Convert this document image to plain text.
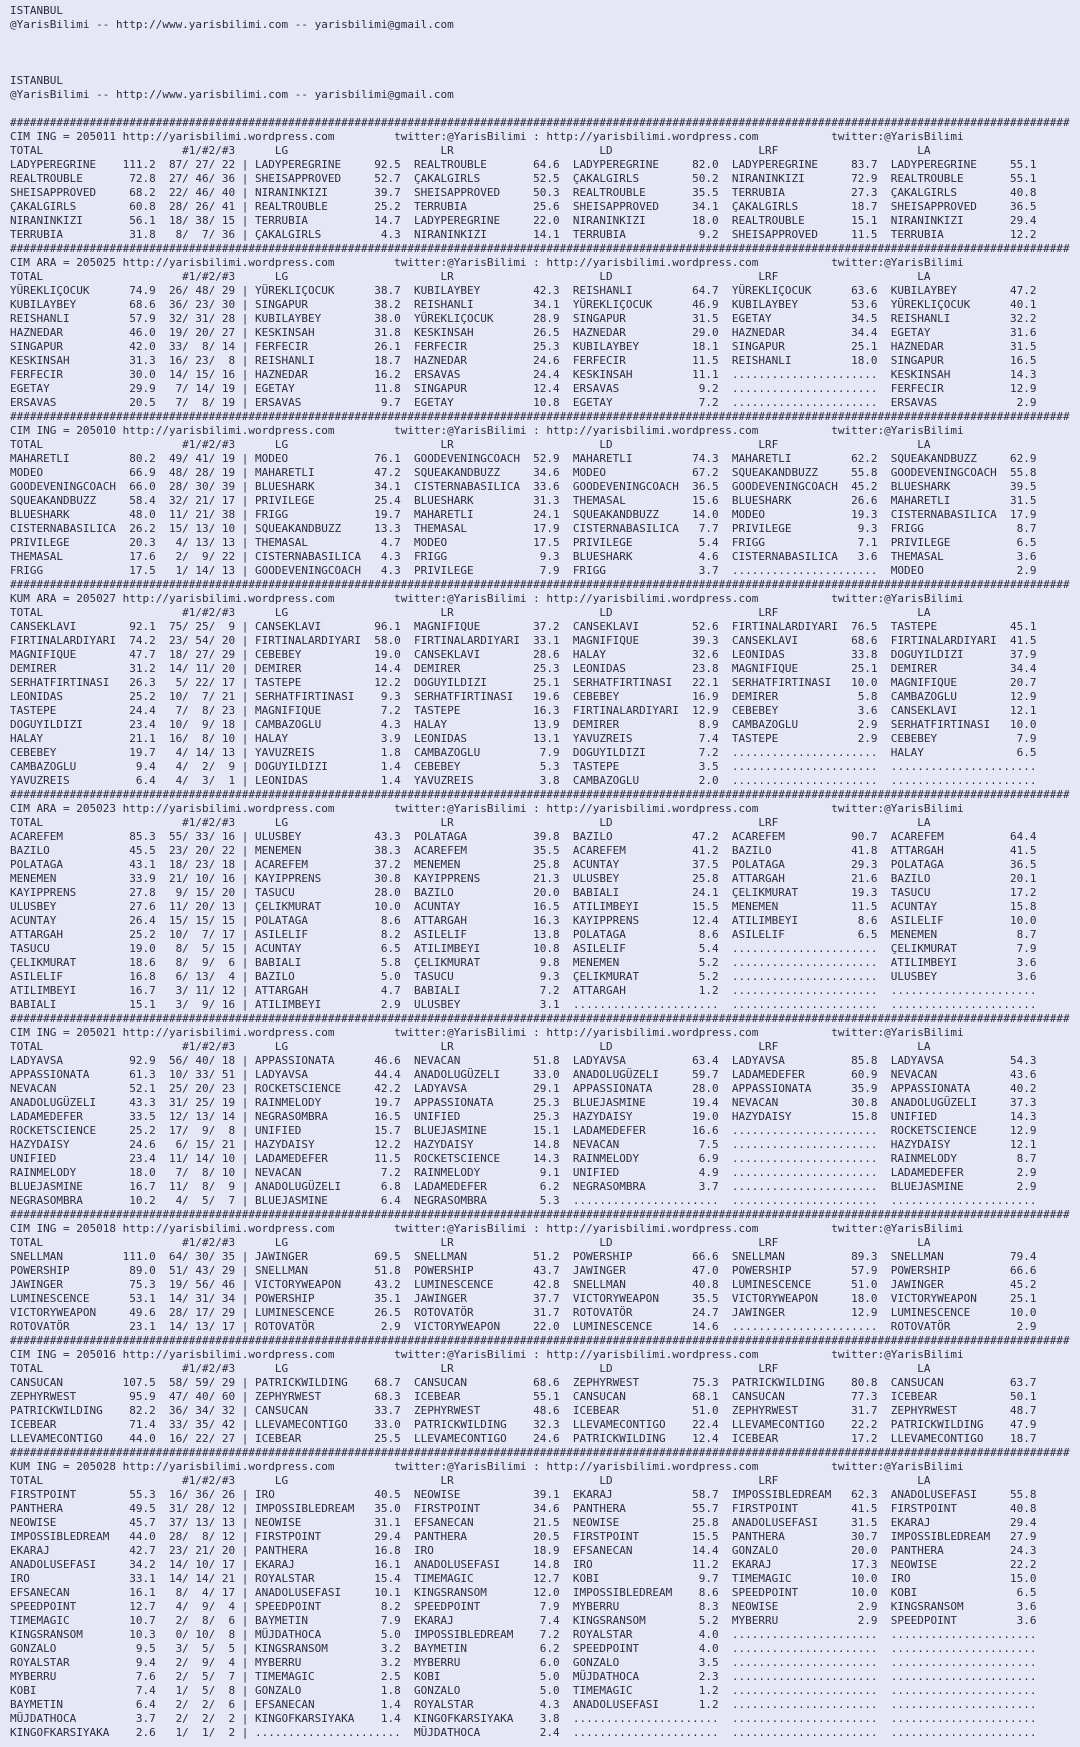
ISTANBUL
@YarisBilimi -- http://www.yarisbilimi.com -- yarisbilimi@gmail.com
ISTANBUL
@YarisBilimi -- http://www.yarisbilimi.com -- yarisbilimi@gmail.com
################################################################################################################################################################
CIM ING = 205011 http://yarisbilimi.wordpress.com         twitter:@YarisBilimi : http://yarisbilimi.wordpress.com           twitter:@YarisBilimi
TOTAL                     #1/#2/#3      LG                       LR                      LD                      LRF                     LA
LADYPEREGRINE    111.2  87/ 27/ 22 | LADYPEREGRINE     92.5  REALTROUBLE       64.6  LADYPEREGRINE     82.0  LADYPEREGRINE     83.7  LADYPEREGRINE     55.1
REALTROUBLE       72.8  27/ 46/ 36 | SHEISAPPROVED     52.7  ÇAKALGIRLS        52.5  ÇAKALGIRLS        50.2  NIRANINKIZI       72.9  REALTROUBLE       55.1
SHEISAPPROVED     68.2  22/ 46/ 40 | NIRANINKIZI       39.7  SHEISAPPROVED     50.3  REALTROUBLE       35.5  TERRUBIA          27.3  ÇAKALGIRLS        40.8
ÇAKALGIRLS        60.8  28/ 26/ 41 | REALTROUBLE       25.2  TERRUBIA          25.6  SHEISAPPROVED     34.1  ÇAKALGIRLS        18.7  SHEISAPPROVED     36.5
NIRANINKIZI       56.1  18/ 38/ 15 | TERRUBIA          14.7  LADYPEREGRINE     22.0  NIRANINKIZI       18.0  REALTROUBLE       15.1  NIRANINKIZI       29.4
TERRUBIA          31.8   8/  7/ 36 | ÇAKALGIRLS         4.3  NIRANINKIZI       14.1  TERRUBIA           9.2  SHEISAPPROVED     11.5  TERRUBIA          12.2
################################################################################################################################################################
CIM ARA = 205025 http://yarisbilimi.wordpress.com         twitter:@YarisBilimi : http://yarisbilimi.wordpress.com           twitter:@YarisBilimi
TOTAL                     #1/#2/#3      LG                       LR                      LD                      LRF                     LA
YÜREKLIÇOCUK      74.9  26/ 48/ 29 | YÜREKLIÇOCUK      38.7  KUBILAYBEY        42.3  REISHANLI         64.7  YÜREKLIÇOCUK      63.6  KUBILAYBEY        47.2
KUBILAYBEY        68.6  36/ 23/ 30 | SINGAPUR          38.2  REISHANLI         34.1  YÜREKLIÇOCUK      46.9  KUBILAYBEY        53.6  YÜREKLIÇOCUK      40.1
REISHANLI         57.9  32/ 31/ 28 | KUBILAYBEY        38.0  YÜREKLIÇOCUK      28.9  SINGAPUR          31.5  EGETAY            34.5  REISHANLI         32.2
HAZNEDAR          46.0  19/ 20/ 27 | KESKINSAH         31.8  KESKINSAH         26.5  HAZNEDAR          29.0  HAZNEDAR          34.4  EGETAY            31.6
SINGAPUR          42.0  33/  8/ 14 | FERFECIR          26.1  FERFECIR          25.3  KUBILAYBEY        18.1  SINGAPUR          25.1  HAZNEDAR          31.5
KESKINSAH         31.3  16/ 23/  8 | REISHANLI         18.7  HAZNEDAR          24.6  FERFECIR          11.5  REISHANLI         18.0  SINGAPUR          16.5
FERFECIR          30.0  14/ 15/ 16 | HAZNEDAR          16.2  ERSAVAS           24.4  KESKINSAH         11.1  ......................  KESKINSAH         14.3
EGETAY            29.9   7/ 14/ 19 | EGETAY            11.8  SINGAPUR          12.4  ERSAVAS            9.2  ......................  FERFECIR          12.9
ERSAVAS           20.5   7/  8/ 19 | ERSAVAS            9.7  EGETAY            10.8  EGETAY             7.2  ......................  ERSAVAS            2.9
################################################################################################################################################################
CIM ING = 205010 http://yarisbilimi.wordpress.com         twitter:@YarisBilimi : http://yarisbilimi.wordpress.com           twitter:@YarisBilimi
TOTAL                     #1/#2/#3      LG                       LR                      LD                      LRF                     LA
MAHARETLI         80.2  49/ 41/ 19 | MODEO             76.1  GOODEVENINGCOACH  52.9  MAHARETLI         74.3  MAHARETLI         62.2  SQUEAKANDBUZZ     62.9
MODEO             66.9  48/ 28/ 19 | MAHARETLI         47.2  SQUEAKANDBUZZ     34.6  MODEO             67.2  SQUEAKANDBUZZ     55.8  GOODEVENINGCOACH  55.8
GOODEVENINGCOACH  66.0  28/ 30/ 39 | BLUESHARK         34.1  CISTERNABASILICA  33.6  GOODEVENINGCOACH  36.5  GOODEVENINGCOACH  45.2  BLUESHARK         39.5
SQUEAKANDBUZZ     58.4  32/ 21/ 17 | PRIVILEGE         25.4  BLUESHARK         31.3  THEMASAL          15.6  BLUESHARK         26.6  MAHARETLI         31.5
BLUESHARK         48.0  11/ 21/ 38 | FRIGG             19.7  MAHARETLI         24.1  SQUEAKANDBUZZ     14.0  MODEO             19.3  CISTERNABASILICA  17.9
CISTERNABASILICA  26.2  15/ 13/ 10 | SQUEAKANDBUZZ     13.3  THEMASAL          17.9  CISTERNABASILICA   7.7  PRIVILEGE          9.3  FRIGG              8.7
PRIVILEGE         20.3   4/ 13/ 13 | THEMASAL           4.7  MODEO             17.5  PRIVILEGE          5.4  FRIGG              7.1  PRIVILEGE          6.5
THEMASAL          17.6   2/  9/ 22 | CISTERNABASILICA   4.3  FRIGG              9.3  BLUESHARK          4.6  CISTERNABASILICA   3.6  THEMASAL           3.6
FRIGG             17.5   1/ 14/ 13 | GOODEVENINGCOACH   4.3  PRIVILEGE          7.9  FRIGG              3.7  ......................  MODEO              2.9
################################################################################################################################################################
KUM ARA = 205027 http://yarisbilimi.wordpress.com         twitter:@YarisBilimi : http://yarisbilimi.wordpress.com           twitter:@YarisBilimi
TOTAL                     #1/#2/#3      LG                       LR                      LD                      LRF                     LA
CANSEKLAVI        92.1  75/ 25/  9 | CANSEKLAVI        96.1  MAGNIFIQUE        37.2  CANSEKLAVI        52.6  FIRTINALARDIYARI  76.5  TASTEPE           45.1
FIRTINALARDIYARI  74.2  23/ 54/ 20 | FIRTINALARDIYARI  58.0  FIRTINALARDIYARI  33.1  MAGNIFIQUE        39.3  CANSEKLAVI        68.6  FIRTINALARDIYARI  41.5
MAGNIFIQUE        47.7  18/ 27/ 29 | CEBEBEY           19.0  CANSEKLAVI        28.6  HALAY             32.6  LEONIDAS          33.8  DOGUYILDIZI       37.9
DEMIRER           31.2  14/ 11/ 20 | DEMIRER           14.4  DEMIRER           25.3  LEONIDAS          23.8  MAGNIFIQUE        25.1  DEMIRER           34.4
SERHATFIRTINASI   26.3   5/ 22/ 17 | TASTEPE           12.2  DOGUYILDIZI       25.1  SERHATFIRTINASI   22.1  SERHATFIRTINASI   10.0  MAGNIFIQUE        20.7
LEONIDAS          25.2  10/  7/ 21 | SERHATFIRTINASI    9.3  SERHATFIRTINASI   19.6  CEBEBEY           16.9  DEMIRER            5.8  CAMBAZOGLU        12.9
TASTEPE           24.4   7/  8/ 23 | MAGNIFIQUE         7.2  TASTEPE           16.3  FIRTINALARDIYARI  12.9  CEBEBEY            3.6  CANSEKLAVI        12.1
DOGUYILDIZI       23.4  10/  9/ 18 | CAMBAZOGLU         4.3  HALAY             13.9  DEMIRER            8.9  CAMBAZOGLU         2.9  SERHATFIRTINASI   10.0
HALAY             21.1  16/  8/ 10 | HALAY              3.9  LEONIDAS          13.1  YAVUZREIS          7.4  TASTEPE            2.9  CEBEBEY            7.9
CEBEBEY           19.7   4/ 14/ 13 | YAVUZREIS          1.8  CAMBAZOGLU         7.9  DOGUYILDIZI        7.2  ......................  HALAY              6.5
CAMBAZOGLU         9.4   4/  2/  9 | DOGUYILDIZI        1.4  CEBEBEY            5.3  TASTEPE            3.5  ......................  ......................
YAVUZREIS          6.4   4/  3/  1 | LEONIDAS           1.4  YAVUZREIS          3.8  CAMBAZOGLU         2.0  ......................  ......................
################################################################################################################################################################
CIM ARA = 205023 http://yarisbilimi.wordpress.com         twitter:@YarisBilimi : http://yarisbilimi.wordpress.com           twitter:@YarisBilimi
TOTAL                     #1/#2/#3      LG                       LR                      LD                      LRF                     LA
ACAREFEM          85.3  55/ 33/ 16 | ULUSBEY           43.3  POLATAGA          39.8  BAZILO            47.2  ACAREFEM          90.7  ACAREFEM          64.4
BAZILO            45.5  23/ 20/ 22 | MENEMEN           38.3  ACAREFEM          35.5  ACAREFEM          41.2  BAZILO            41.8  ATTARGAH          41.5
POLATAGA          43.1  18/ 23/ 18 | ACAREFEM          37.2  MENEMEN           25.8  ACUNTAY           37.5  POLATAGA          29.3  POLATAGA          36.5
MENEMEN           33.9  21/ 10/ 16 | KAYIPPRENS        30.8  KAYIPPRENS        21.3  ULUSBEY           25.8  ATTARGAH          21.6  BAZILO            20.1
KAYIPPRENS        27.8   9/ 15/ 20 | TASUCU            28.0  BAZILO            20.0  BABIALI           24.1  ÇELIKMURAT        19.3  TASUCU            17.2
ULUSBEY           27.6  11/ 20/ 13 | ÇELIKMURAT        10.0  ACUNTAY           16.5  ATILIMBEYI        15.5  MENEMEN           11.5  ACUNTAY           15.8
ACUNTAY           26.4  15/ 15/ 15 | POLATAGA           8.6  ATTARGAH          16.3  KAYIPPRENS        12.4  ATILIMBEYI         8.6  ASILELIF          10.0
ATTARGAH          25.2  10/  7/ 17 | ASILELIF           8.2  ASILELIF          13.8  POLATAGA           8.6  ASILELIF           6.5  MENEMEN            8.7
TASUCU            19.0   8/  5/ 15 | ACUNTAY            6.5  ATILIMBEYI        10.8  ASILELIF           5.4  ......................  ÇELIKMURAT         7.9
ÇELIKMURAT        18.6   8/  9/  6 | BABIALI            5.8  ÇELIKMURAT         9.8  MENEMEN            5.2  ......................  ATILIMBEYI         3.6
ASILELIF          16.8   6/ 13/  4 | BAZILO             5.0  TASUCU             9.3  ÇELIKMURAT         5.2  ......................  ULUSBEY            3.6
ATILIMBEYI        16.7   3/ 11/ 12 | ATTARGAH           4.7  BABIALI            7.2  ATTARGAH           1.2  ......................  ......................
BABIALI           15.1   3/  9/ 16 | ATILIMBEYI         2.9  ULUSBEY            3.1  ......................  ......................  ......................
################################################################################################################################################################
CIM ING = 205021 http://yarisbilimi.wordpress.com         twitter:@YarisBilimi : http://yarisbilimi.wordpress.com           twitter:@YarisBilimi
TOTAL                     #1/#2/#3      LG                       LR                      LD                      LRF                     LA
LADYAVSA          92.9  56/ 40/ 18 | APPASSIONATA      46.6  NEVACAN           51.8  LADYAVSA          63.4  LADYAVSA          85.8  LADYAVSA          54.3
APPASSIONATA      61.3  10/ 33/ 51 | LADYAVSA          44.4  ANADOLUGÜZELI     33.0  ANADOLUGÜZELI     59.7  LADAMEDEFER       60.9  NEVACAN           43.6
NEVACAN           52.1  25/ 20/ 23 | ROCKETSCIENCE     42.2  LADYAVSA          29.1  APPASSIONATA      28.0  APPASSIONATA      35.9  APPASSIONATA      40.2
ANADOLUGÜZELI     43.3  31/ 25/ 19 | RAINMELODY        19.7  APPASSIONATA      25.3  BLUEJASMINE       19.4  NEVACAN           30.8  ANADOLUGÜZELI     37.3
LADAMEDEFER       33.5  12/ 13/ 14 | NEGRASOMBRA       16.5  UNIFIED           25.3  HAZYDAISY         19.0  HAZYDAISY         15.8  UNIFIED           14.3
ROCKETSCIENCE     25.2  17/  9/  8 | UNIFIED           15.7  BLUEJASMINE       15.1  LADAMEDEFER       16.6  ......................  ROCKETSCIENCE     12.9
HAZYDAISY         24.6   6/ 15/ 21 | HAZYDAISY         12.2  HAZYDAISY         14.8  NEVACAN            7.5  ......................  HAZYDAISY         12.1
UNIFIED           23.4  11/ 14/ 10 | LADAMEDEFER       11.5  ROCKETSCIENCE     14.3  RAINMELODY         6.9  ......................  RAINMELODY         8.7
RAINMELODY        18.0   7/  8/ 10 | NEVACAN            7.2  RAINMELODY         9.1  UNIFIED            4.9  ......................  LADAMEDEFER        2.9
BLUEJASMINE       16.7  11/  8/  9 | ANADOLUGÜZELI      6.8  LADAMEDEFER        6.2  NEGRASOMBRA        3.7  ......................  BLUEJASMINE        2.9
NEGRASOMBRA       10.2   4/  5/  7 | BLUEJASMINE        6.4  NEGRASOMBRA        5.3  ......................  ......................  ......................
################################################################################################################################################################
CIM ING = 205018 http://yarisbilimi.wordpress.com         twitter:@YarisBilimi : http://yarisbilimi.wordpress.com           twitter:@YarisBilimi
TOTAL                     #1/#2/#3      LG                       LR                      LD                      LRF                     LA
SNELLMAN         111.0  64/ 30/ 35 | JAWINGER          69.5  SNELLMAN          51.2  POWERSHIP         66.6  SNELLMAN          89.3  SNELLMAN          79.4
POWERSHIP         89.0  51/ 43/ 29 | SNELLMAN          51.8  POWERSHIP         43.7  JAWINGER          47.0  POWERSHIP         57.9  POWERSHIP         66.6
JAWINGER          75.3  19/ 56/ 46 | VICTORYWEAPON     43.2  LUMINESCENCE      42.8  SNELLMAN          40.8  LUMINESCENCE      51.0  JAWINGER          45.2
LUMINESCENCE      53.1  14/ 31/ 34 | POWERSHIP         35.1  JAWINGER          37.7  VICTORYWEAPON     35.5  VICTORYWEAPON     18.0  VICTORYWEAPON     25.1
VICTORYWEAPON     49.6  28/ 17/ 29 | LUMINESCENCE      26.5  ROTOVATÖR         31.7  ROTOVATÖR         24.7  JAWINGER          12.9  LUMINESCENCE      10.0
ROTOVATÖR         23.1  14/ 13/ 17 | ROTOVATÖR          2.9  VICTORYWEAPON     22.0  LUMINESCENCE      14.6  ......................  ROTOVATÖR          2.9
################################################################################################################################################################
CIM ING = 205016 http://yarisbilimi.wordpress.com         twitter:@YarisBilimi : http://yarisbilimi.wordpress.com           twitter:@YarisBilimi
TOTAL                     #1/#2/#3      LG                       LR                      LD                      LRF                     LA
CANSUCAN         107.5  58/ 59/ 29 | PATRICKWILDING    68.7  CANSUCAN          68.6  ZEPHYRWEST        75.3  PATRICKWILDING    80.8  CANSUCAN          63.7
ZEPHYRWEST        95.9  47/ 40/ 60 | ZEPHYRWEST        68.3  ICEBEAR           55.1  CANSUCAN          68.1  CANSUCAN          77.3  ICEBEAR           50.1
PATRICKWILDING    82.2  36/ 34/ 32 | CANSUCAN          33.7  ZEPHYRWEST        48.6  ICEBEAR           51.0  ZEPHYRWEST        31.7  ZEPHYRWEST        48.7
ICEBEAR           71.4  33/ 35/ 42 | LLEVAMECONTIGO    33.0  PATRICKWILDING    32.3  LLEVAMECONTIGO    22.4  LLEVAMECONTIGO    22.2  PATRICKWILDING    47.9
LLEVAMECONTIGO    44.0  16/ 22/ 27 | ICEBEAR           25.5  LLEVAMECONTIGO    24.6  PATRICKWILDING    12.4  ICEBEAR           17.2  LLEVAMECONTIGO    18.7
################################################################################################################################################################
KUM ING = 205028 http://yarisbilimi.wordpress.com         twitter:@YarisBilimi : http://yarisbilimi.wordpress.com           twitter:@YarisBilimi
TOTAL                     #1/#2/#3      LG                       LR                      LD                      LRF                     LA
FIRSTPOINT        55.3  16/ 36/ 26 | IRO               40.5  NEOWISE           39.1  EKARAJ            58.7  IMPOSSIBLEDREAM   62.3  ANADOLUSEFASI     55.8
PANTHERA          49.5  31/ 28/ 12 | IMPOSSIBLEDREAM   35.0  FIRSTPOINT        34.6  PANTHERA          55.7  FIRSTPOINT        41.5  FIRSTPOINT        40.8
NEOWISE           45.7  37/ 13/ 13 | NEOWISE           31.1  EFSANECAN         21.5  NEOWISE           25.8  ANADOLUSEFASI     31.5  EKARAJ            29.4
IMPOSSIBLEDREAM   44.0  28/  8/ 12 | FIRSTPOINT        29.4  PANTHERA          20.5  FIRSTPOINT        15.5  PANTHERA          30.7  IMPOSSIBLEDREAM   27.9
EKARAJ            42.7  23/ 21/ 20 | PANTHERA          16.8  IRO               18.9  EFSANECAN         14.4  GONZALO           20.0  PANTHERA          24.3
ANADOLUSEFASI     34.2  14/ 10/ 17 | EKARAJ            16.1  ANADOLUSEFASI     14.8  IRO               11.2  EKARAJ            17.3  NEOWISE           22.2
IRO               33.1  14/ 14/ 21 | ROYALSTAR         15.4  TIMEMAGIC         12.7  KOBI               9.7  TIMEMAGIC         10.0  IRO               15.0
EFSANECAN         16.1   8/  4/ 17 | ANADOLUSEFASI     10.1  KINGSRANSOM       12.0  IMPOSSIBLEDREAM    8.6  SPEEDPOINT        10.0  KOBI               6.5
SPEEDPOINT        12.7   4/  9/  4 | SPEEDPOINT         8.2  SPEEDPOINT         7.9  MYBERRU            8.3  NEOWISE            2.9  KINGSRANSOM        3.6
TIMEMAGIC         10.7   2/  8/  6 | BAYMETIN           7.9  EKARAJ             7.4  KINGSRANSOM        5.2  MYBERRU            2.9  SPEEDPOINT         3.6
KINGSRANSOM       10.3   0/ 10/  8 | MÜJDATHOCA         5.0  IMPOSSIBLEDREAM    7.2  ROYALSTAR          4.0  ......................  ......................
GONZALO            9.5   3/  5/  5 | KINGSRANSOM        3.2  BAYMETIN           6.2  SPEEDPOINT         4.0  ......................  ......................
ROYALSTAR          9.4   2/  9/  4 | MYBERRU            3.2  MYBERRU            6.0  GONZALO            3.5  ......................  ......................
MYBERRU            7.6   2/  5/  7 | TIMEMAGIC          2.5  KOBI               5.0  MÜJDATHOCA         2.3  ......................  ......................
KOBI               7.4   1/  5/  8 | GONZALO            1.8  GONZALO            5.0  TIMEMAGIC          1.2  ......................  ......................
BAYMETIN           6.4   2/  2/  6 | EFSANECAN          1.4  ROYALSTAR          4.3  ANADOLUSEFASI      1.2  ......................  ......................
MÜJDATHOCA         3.7   2/  2/  2 | KINGOFKARSIYAKA    1.4  KINGOFKARSIYAKA    3.8  ......................  ......................  ......................
KINGOFKARSIYAKA    2.6   1/  1/  2 | ......................  MÜJDATHOCA         2.4  ......................  ......................  ......................
